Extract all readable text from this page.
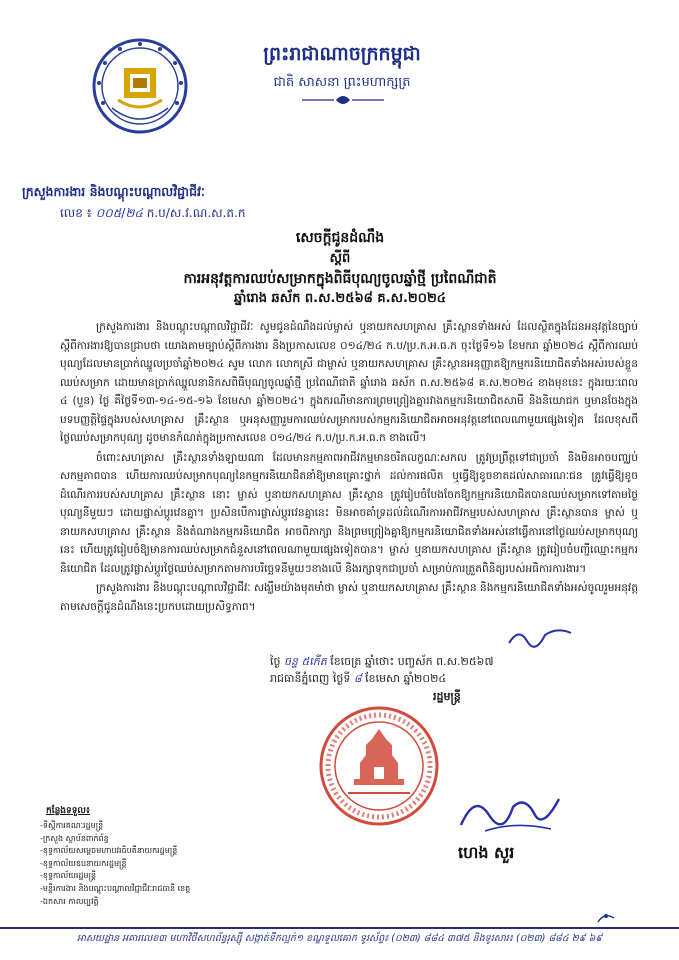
ព្រះរាជាណាចក្រកម្ពុជា
ជាតិ សាសនា ព្រះមហាក្សត្រ
ក្រសួងការងារ និងបណ្តុះបណ្តាលវិជ្ជាជីវៈ
លេខ ៖ ០០៥/២៤ ក.ប/ស.វ.ណ.ស.ត.ក
សេចក្តីជូនដំណឹង
ស្តីពី
ការអនុវត្តការឈប់សម្រាកក្នុងពិធីបុណ្យចូលឆ្នាំថ្មី ប្រពៃណីជាតិ
ឆ្នាំរោង ឆស័ក ព.ស.២៥៦៨ គ.ស.២០២៤

ក្រសួងការងារ និងបណ្តុះបណ្តាលវិជ្ជាជីវៈ សូមជូនដំណឹងដល់ម្ចាស់ ឬនាយកសហគ្រាស គ្រឹះស្ថានទាំងអស់ ដែលស្ថិតក្នុងដែនអនុវត្តនៃច្បាប់ស្តីពីការងារឱ្យបានជ្រាបថា យោងតាមច្បាប់ស្តីពីការងារ និងប្រកាសលេខ ០១៤/២៤ ក.ប/ប្រ.ក.អ.ធ.ក ចុះថ្ងៃទី១៦ ខែមករា ឆ្នាំ២០២៤ ស្តីពីការឈប់បុណ្យដែលមានប្រាក់ឈ្នួលប្រចាំឆ្នាំ២០២៤ សូម លោក លោកស្រី ជាម្ចាស់ ឬនាយកសហគ្រាស គ្រឹះស្ថានអនុញ្ញាតឱ្យកម្មករនិយោជិតទាំងអស់របស់ខ្លួន ឈប់សម្រាក ដោយមានប្រាក់ឈ្នួលនានិកសពិធីបុណ្យចូលឆ្នាំថ្មី ប្រពៃណីជាតិ ឆ្នាំរោង ឆស័ក ព.ស.២៥៦៨ គ.ស.២០២៤ ខាងមុខនេះ ក្នុងរយៈពេល ៤ (បួន) ថ្ងៃ គឺថ្ងៃទី១៣-១៤-១៥-១៦ ខែមេសា ឆ្នាំ២០២៤។ ក្នុងករណីមានការព្រមព្រៀងគ្នារវាងកម្មករនិយោជិតសាមី និងនិយោជក ឬមានចែងក្នុងបទបញ្ញត្តិផ្ទៃក្នុងរបស់សហគ្រាស គ្រឹះស្ថាន ឬអនុសញ្ញារួមការឈប់សម្រាករបស់កម្មករនិយោជិតអាចអនុវត្តនៅពេលណាមួយផ្សេងទៀត ដែលខុសពីថ្ងៃឈប់សម្រាកបុណ្យ ដូចមានកំណត់ក្នុងប្រកាសលេខ ០១៤/២៤ ក.ប/ប្រ.ក.អ.ធ.ក ខាងលើ។

ចំពោះសហគ្រាស គ្រឹះស្ថានទាំងឡាយណា ដែលមានកម្មភាពអាជីវកម្មមានចរិតលក្ខណៈសកល ត្រូវប្រព្រឹត្តទៅជាប្រចាំ និងមិនអាចបញ្ឈប់សកម្មភាពបាន ហើយការឈប់សម្រាកបុណ្យនៃកម្មករនិយោជិតនាំឱ្យមានគ្រោះថ្នាក់ ដល់ការផលិត ឬធ្វើឱ្យខូចខាតដល់សាធារណៈជន ត្រូវធ្វើឱ្យខូចដំណើរការរបស់សហគ្រាស គ្រឹះស្ថាន នោះ ម្ចាស់ ឬនាយកសហគ្រាស គ្រឹះស្ថាន ត្រូវរៀបចំបែងចែកឱ្យកម្មករនិយោជិតបានឈប់សម្រាកទៅតាមថ្ងៃបុណ្យនីមួយៗ ដោយផ្លាស់ប្តូរវេនគ្នា។ ប្រសិនបើការផ្លាស់ប្តូរវេនគ្នានេះ មិនអាចគាំទ្រដល់ដំណើរការអាជីវកម្មរបស់សហគ្រាស គ្រឹះស្ថានបាន ម្ចាស់ ឬនាយកសហគ្រាស គ្រឹះស្ថាន និងតំណាងកម្មករនិយោជិត អាចពិភាក្សា និងព្រមព្រៀងគ្នាឱ្យកម្មករនិយោជិតទាំងអស់នៅធ្វើការនៅថ្ងៃឈប់សម្រាកបុណ្យនេះ ហើយត្រូវរៀបចំឱ្យមានការឈប់សម្រាកជំនួសនៅពេលណាមួយផ្សេងទៀតបាន។ ម្ចាស់ ឬនាយកសហគ្រាស គ្រឹះស្ថាន ត្រូវរៀបចំបញ្ជីឈ្មោះកម្មករនិយោជិត ដែលត្រូវផ្លាស់ប្តូរថ្ងៃឈប់សម្រាកតាមការបរិច្ឆេទនីមួយៗខាងលើ និងរក្សាទុកជាប្រចាំ សម្រាប់ការត្រួតពិនិត្យរបស់អធិការការងារ។

ក្រសួងការងារ និងបណ្តុះបណ្តាលវិជ្ជាជីវៈ សង្ឃឹមយ៉ាងមុតមាំថា ម្ចាស់ ឬនាយកសហគ្រាស គ្រឹះស្ថាន និងកម្មករនិយោជិតទាំងអស់ចូលរួមអនុវត្តតាមសេចក្តីជូនដំណឹងនេះប្រកបដោយប្រសិទ្ធភាព។

ថ្ងៃ ចន្ទ ៥កើត ខែចេត្រ ឆ្នាំថោះ បញ្ចស័ក ព.ស.២៥៦៧
រាជធានីភ្នំពេញ ថ្ងៃទី ៨ ខែមេសា ឆ្នាំ២០២៤
រដ្ឋមន្ត្រី
ហេង សួរ
កន្លែងទទួល៖
-ទីស្តីការគណៈរដ្ឋមន្ត្រី
-ក្រសួង ស្ថាប័នពាក់ព័ន្ធ
-ខុទ្ទកាល័យសម្តេចមហាបវរធិបតីនាយករដ្ឋមន្ត្រី
-ខុទ្ទកាល័យឧបនាយករដ្ឋមន្ត្រី
-ខុទ្ទកាល័យរដ្ឋមន្ត្រី
-មន្ទីរការងារ និងបណ្តុះបណ្តាលវិជ្ជាជីវៈរាជធានី ខេត្ត
-ឯកសារ កាលប្បវត្តិ
អាសយដ្ឋាន អគារលេខ៣ មហាវិថីសហព័ន្ធរុស្ស៊ី សង្កាត់ទឹកល្អក់១ ខណ្ឌទួលគោក ទូរស័ព្ទ៖ (០២៣) ៨៨៤ ៣៧៥ និងទូរសារ៖ (០២៣) ៨៨៤ ២៩ ៦៩
